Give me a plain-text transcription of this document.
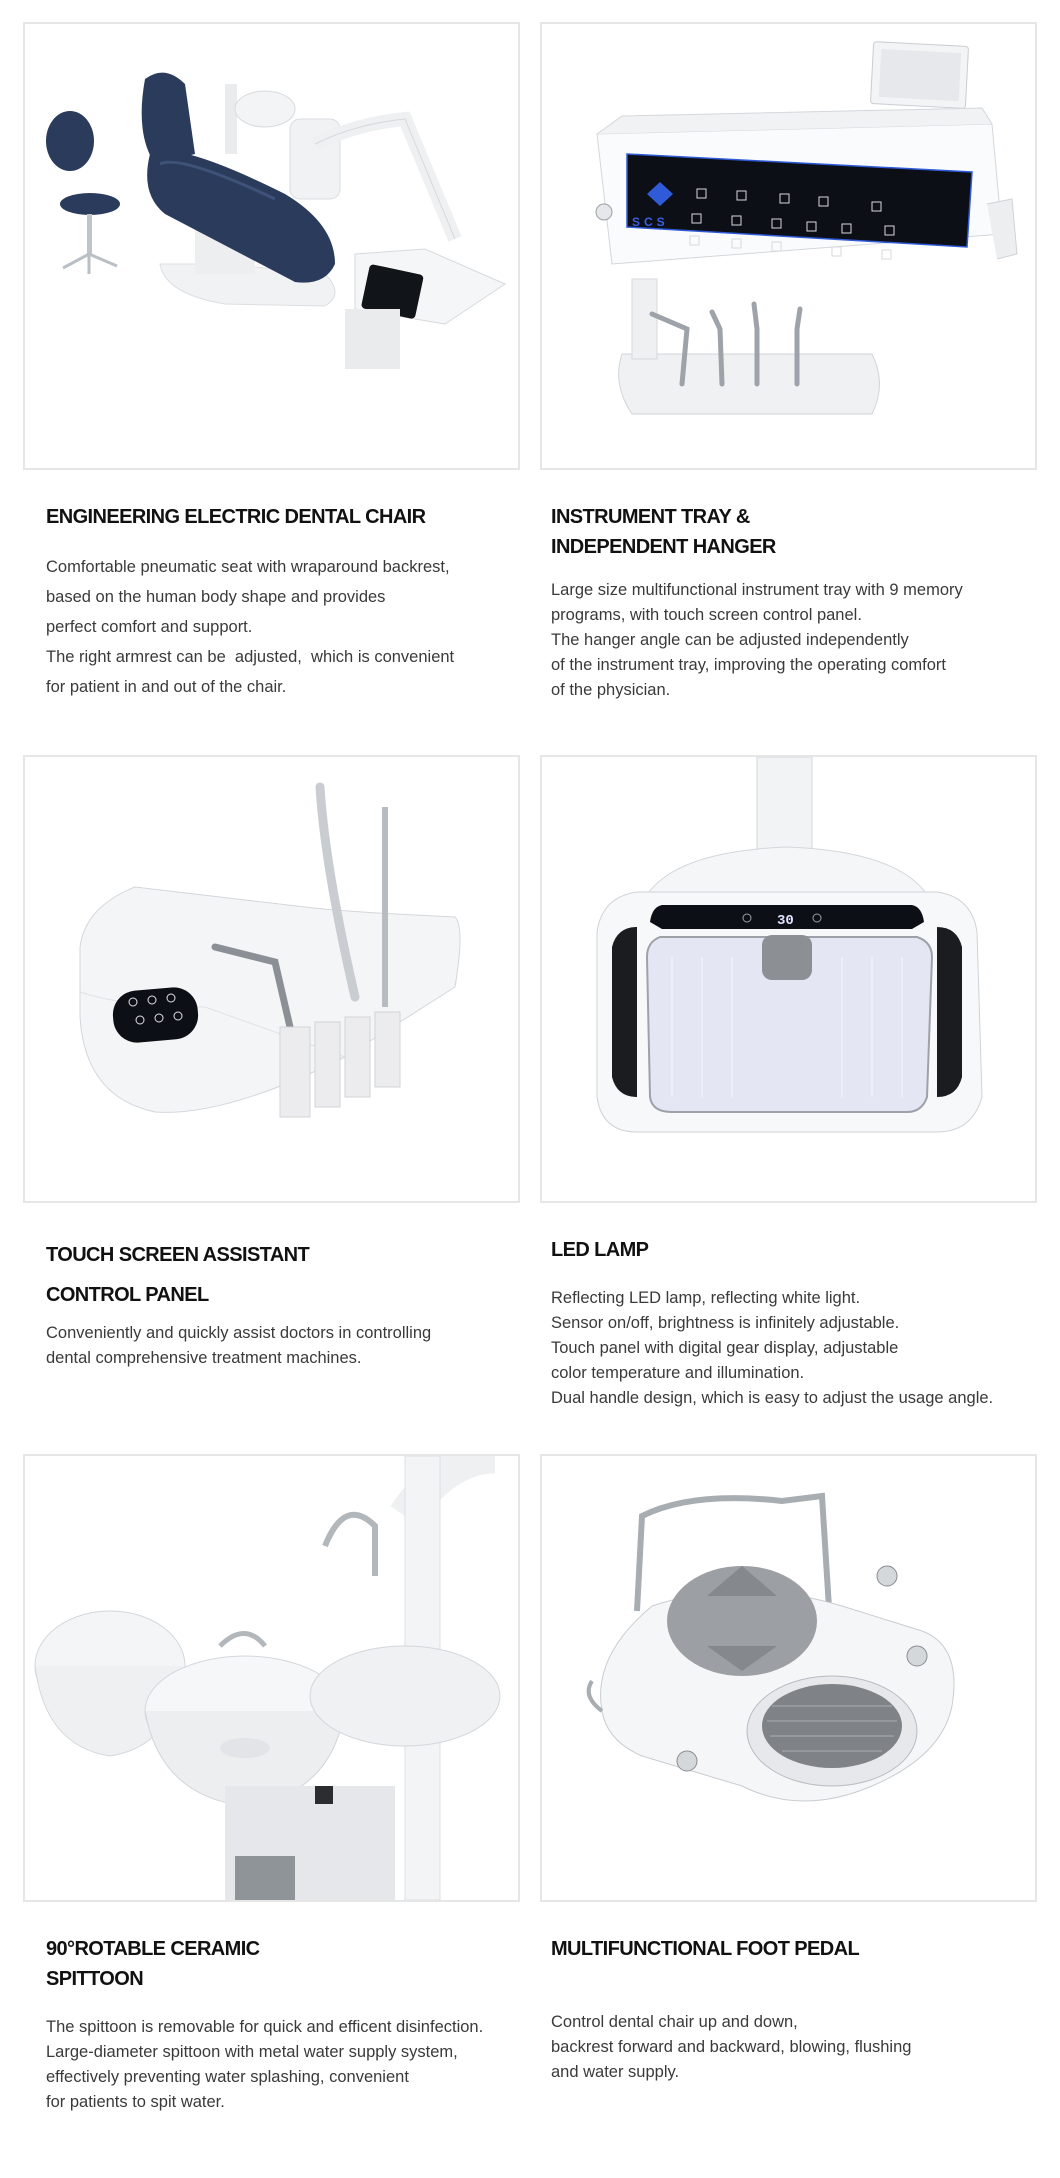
SCS
ENGINEERING ELECTRIC DENTAL CHAIR
Comfortable pneumatic seat with wraparound backrest,
based on the human body shape and provides
perfect comfort and support.
The right armrest can be  adjusted,  which is convenient
for patient in and out of the chair.
INSTRUMENT TRAY &
INDEPENDENT HANGER
Large size multifunctional instrument tray with 9 memory
programs, with touch screen control panel.
The hanger angle can be adjusted independently
of the instrument tray, improving the operating comfort
of the physician.
30
TOUCH SCREEN ASSISTANT
CONTROL PANEL
Conveniently and quickly assist doctors in controlling
dental comprehensive treatment machines.
LED LAMP
Reflecting LED lamp, reflecting white light.
Sensor on/off, brightness is infinitely adjustable.
Touch panel with digital gear display, adjustable
color temperature and illumination.
Dual handle design, which is easy to adjust the usage angle.
90°ROTABLE CERAMIC
SPITTOON
The spittoon is removable for quick and efficent disinfection.
Large-diameter spittoon with metal water supply system,
effectively preventing water splashing, convenient
for patients to spit water.
MULTIFUNCTIONAL FOOT PEDAL
Control dental chair up and down,
backrest forward and backward, blowing, flushing
and water supply.
